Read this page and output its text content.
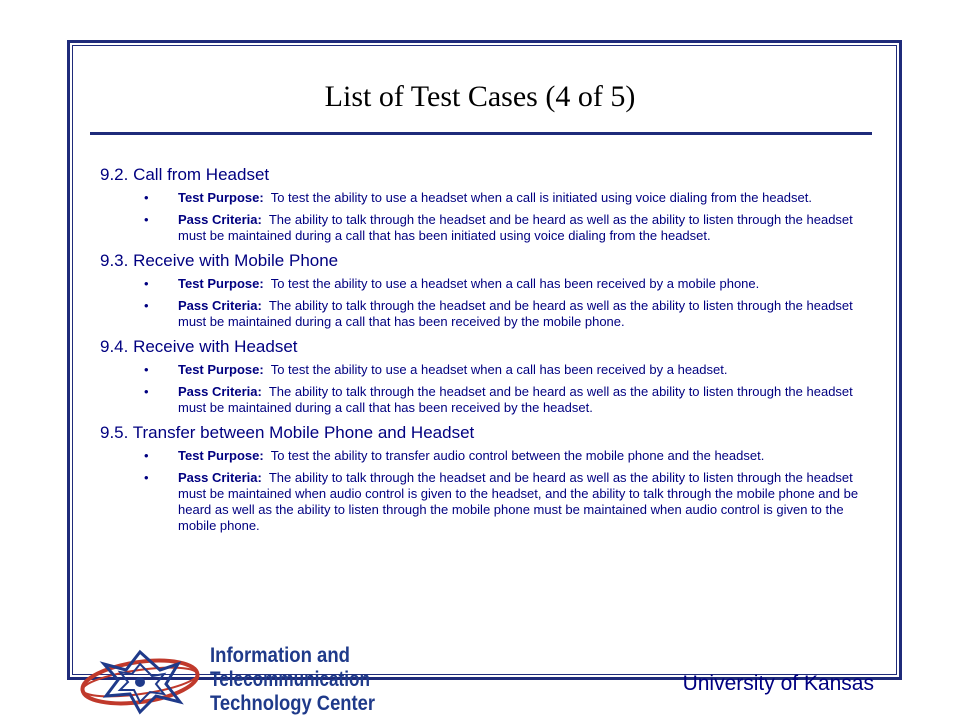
List of Test Cases (4 of 5)
9.2. Call from Headset
• Test Purpose: To test the ability to use a headset when a call is initiated using voice dialing from the headset.
• Pass Criteria: The ability to talk through the headset and be heard as well as the ability to listen through the headset must be maintained during a call that has been initiated using voice dialing from the headset.
9.3. Receive with Mobile Phone
• Test Purpose: To test the ability to use a headset when a call has been received by a mobile phone.
• Pass Criteria: The ability to talk through the headset and be heard as well as the ability to listen through the headset must be maintained during a call that has been received by the mobile phone.
9.4. Receive with Headset
• Test Purpose: To test the ability to use a headset when a call has been received by a headset.
• Pass Criteria: The ability to talk through the headset and be heard as well as the ability to listen through the headset must be maintained during a call that has been received by the headset.
9.5. Transfer between Mobile Phone and Headset
• Test Purpose: To test the ability to transfer audio control between the mobile phone and the headset.
• Pass Criteria: The ability to talk through the headset and be heard as well as the ability to listen through the headset must be maintained when audio control is given to the headset, and the ability to talk through the mobile phone and be heard as well as the ability to listen through the mobile phone must be maintained when audio control is given to the mobile phone.
Information and
Telecommunication
Technology Center
University of Kansas
